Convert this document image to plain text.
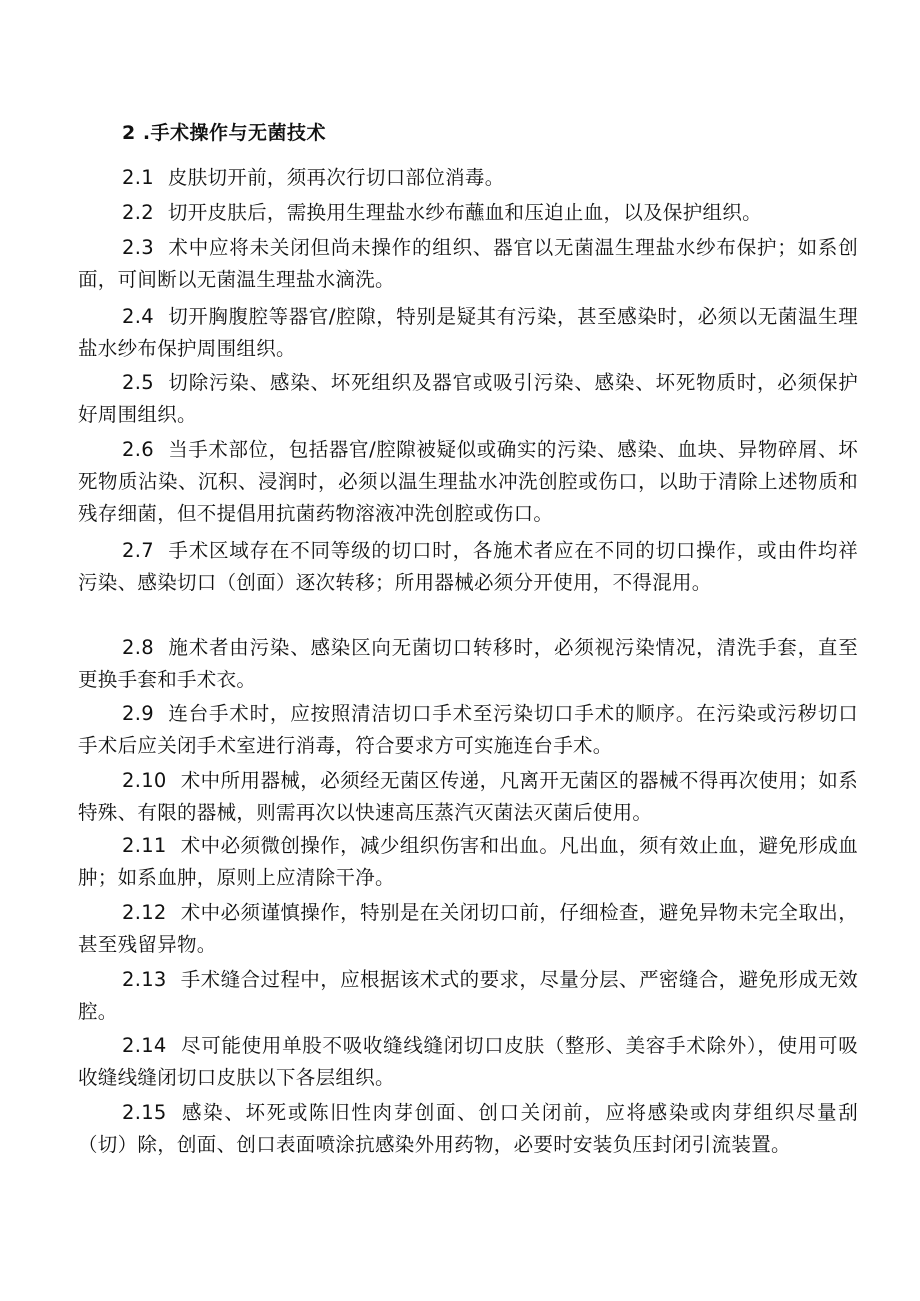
2 .手术操作与无菌技术
2.1 皮肤切开前，须再次行切口部位消毒。
2.2 切开皮肤后，需换用生理盐水纱布蘸血和压迫止血，以及保护组织。
2.3 术中应将未关闭但尚未操作的组织、器官以无菌温生理盐水纱布保护；如系创面，可间断以无菌温生理盐水滴洗。
2.4 切开胸腹腔等器官/腔隙，特别是疑其有污染，甚至感染时，必须以无菌温生理盐水纱布保护周围组织。
2.5 切除污染、感染、坏死组织及器官或吸引污染、感染、坏死物质时，必须保护好周围组织。
2.6 当手术部位，包括器官/腔隙被疑似或确实的污染、感染、血块、异物碎屑、坏死物质沾染、沉积、浸润时，必须以温生理盐水冲洗创腔或伤口，以助于清除上述物质和残存细菌，但不提倡用抗菌药物溶液冲洗创腔或伤口。
2.7 手术区域存在不同等级的切口时，各施术者应在不同的切口操作，或由件均祥污染、感染切口（创面）逐次转移；所用器械必须分开使用，不得混用。
2.8 施术者由污染、感染区向无菌切口转移时，必须视污染情况，清洗手套，直至更换手套和手术衣。
2.9 连台手术时，应按照清洁切口手术至污染切口手术的顺序。在污染或污秽切口手术后应关闭手术室进行消毒，符合要求方可实施连台手术。
2.10 术中所用器械，必须经无菌区传递，凡离开无菌区的器械不得再次使用；如系特殊、有限的器械，则需再次以快速高压蒸汽灭菌法灭菌后使用。
2.11 术中必须微创操作，减少组织伤害和出血。凡出血，须有效止血，避免形成血肿；如系血肿，原则上应清除干净。
2.12 术中必须谨慎操作，特别是在关闭切口前，仔细检查，避免异物未完全取出，甚至残留异物。
2.13 手术缝合过程中，应根据该术式的要求，尽量分层、严密缝合，避免形成无效腔。
2.14 尽可能使用单股不吸收缝线缝闭切口皮肤（整形、美容手术除外），使用可吸收缝线缝闭切口皮肤以下各层组织。
2.15 感染、坏死或陈旧性肉芽创面、创口关闭前，应将感染或肉芽组织尽量刮（切）除，创面、创口表面喷涂抗感染外用药物，必要时安装负压封闭引流装置。
